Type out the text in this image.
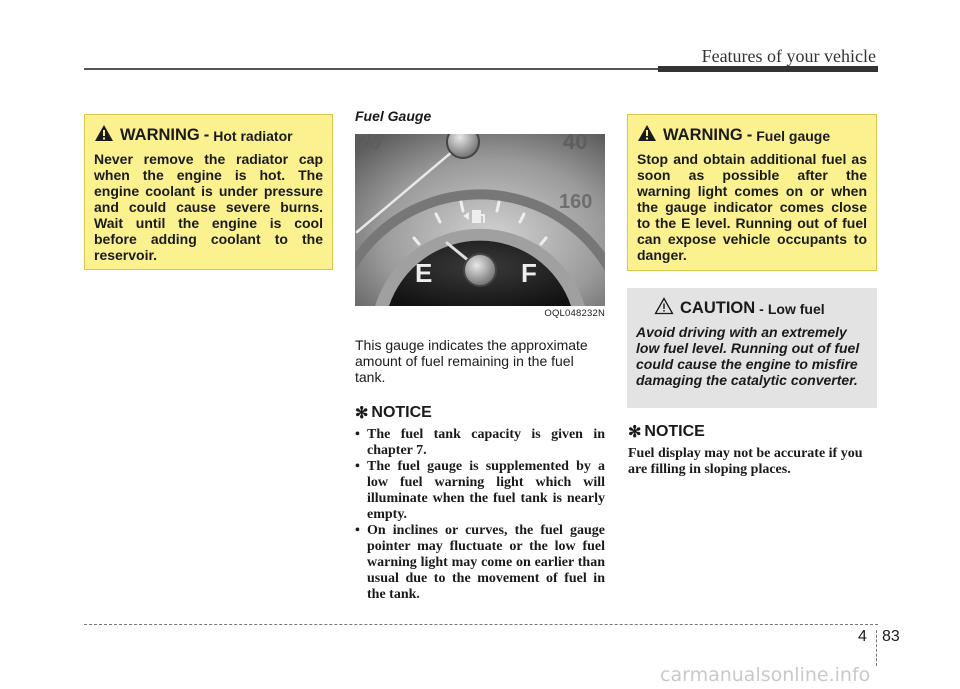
Features of your vehicle
WARNING - Hot radiator
Never remove the radiator cap when the engine is hot. The engine coolant is under pressure and could cause severe burns. Wait until the engine is cool before adding coolant to the reservoir.
Fuel Gauge
E	F
20	40
160
OQL048232N
This gauge indicates the approximate amount of fuel remaining in the fuel tank.
✻ NOTICE
• The fuel tank capacity is given in chapter 7.
• The fuel gauge is supplemented by a low fuel warning light which will illuminate when the fuel tank is nearly empty.
• On inclines or curves, the fuel gauge pointer may fluctuate or the low fuel warning light may come on earlier than usual due to the movement of fuel in the tank.
WARNING - Fuel gauge
Stop and obtain additional fuel as soon as possible after the warning light comes on or when the gauge indicator comes close to the E level. Running out of fuel can expose vehicle occupants to danger.
CAUTION - Low fuel
Avoid driving with an extremely low fuel level. Running out of fuel could cause the engine to misfire damaging the catalytic converter.
✻ NOTICE
Fuel display may not be accurate if you are filling in sloping places.
4 83
carmanualsonline.info
